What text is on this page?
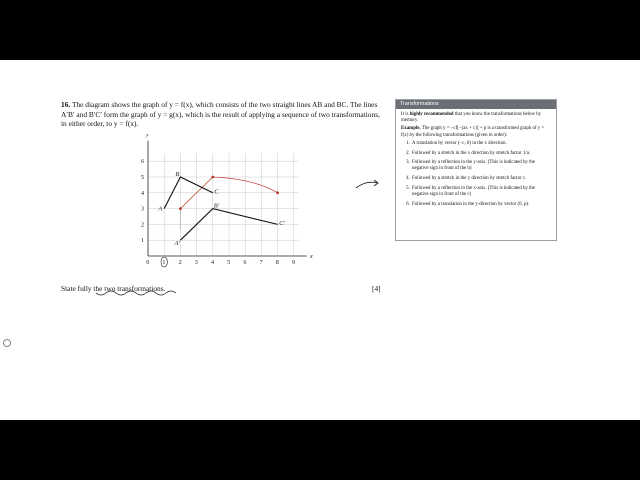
16. The diagram shows the graph of y = f(x), which consists of the two straight lines AB and BC. The lines A′B′ and B′C′ form the graph of y = g(x), which is the result of applying a sequence of two transformations, in either order, to y = f(x).

x
y
0 1 2 3 4 5 6 7 8 9
1
2
3
4
5
6
A
B
C
A′
B′
C′
State fully the two transformations.	[4]
Transformations

It is highly recommended that you know the transformations below by memory.

Example. The graph y = −cf[−(ax + c)] + p is a transformed graph of y = f(x) by the following transformations (given in order):

1. A translation by vector (−c, 0) in the x direction.
2. Followed by a stretch in the x direction by stretch factor 1/a.
3. Followed by a reflection in the y-axis. (This is indicated by the negative sign in front of the b)
4. Followed by a stretch in the y direction by stretch factor c.
5. Followed by a reflection in the x-axis. (This is indicated by the negative sign in front of the c)
6. Followed by a translation in the y-direction by vector (0, p).
